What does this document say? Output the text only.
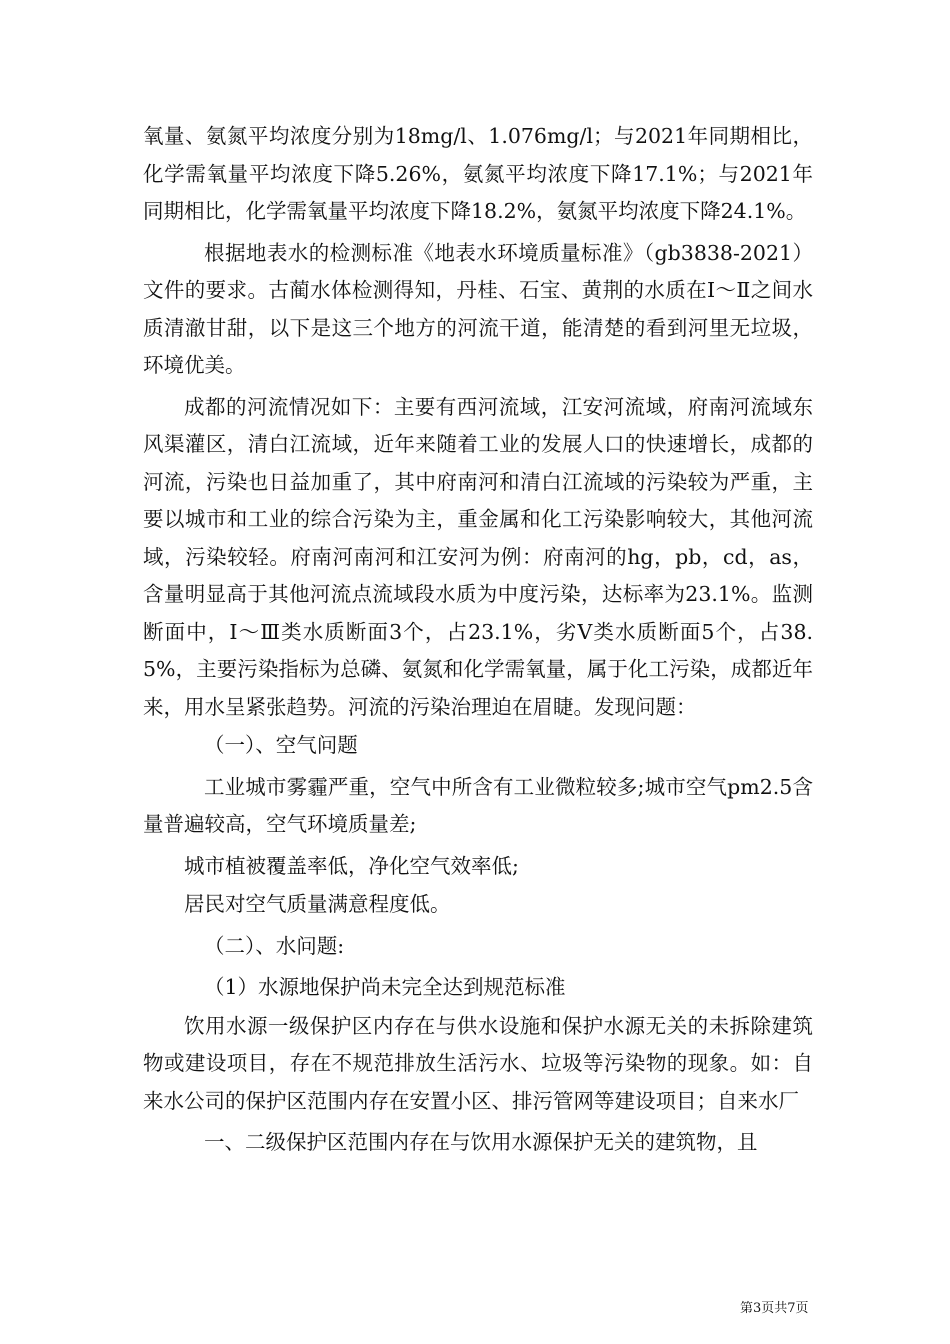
氧量、氨氮平均浓度分别为18mg/l、1.076mg/l；与2021年同期相比，化学需氧量平均浓度下降5.26%，氨氮平均浓度下降17.1%；与2021年同期相比，化学需氧量平均浓度下降18.2%，氨氮平均浓度下降24.1%。

根据地表水的检测标准《地表水环境质量标准》（gb3838-2021）文件的要求。古蔺水体检测得知，丹桂、石宝、黄荆的水质在Ⅰ～Ⅱ之间水质清澈甘甜，以下是这三个地方的河流干道，能清楚的看到河里无垃圾，环境优美。

成都的河流情况如下：主要有西河流域，江安河流域，府南河流域东风渠灌区，清白江流域，近年来随着工业的发展人口的快速增长，成都的河流，污染也日益加重了，其中府南河和清白江流域的污染较为严重，主要以城市和工业的综合污染为主，重金属和化工污染影响较大，其他河流域，污染较轻。府南河南河和江安河为例：府南河的hg，pb，cd，as，含量明显高于其他河流点流域段水质为中度污染，达标率为23.1%。监测断面中，Ⅰ～Ⅲ类水质断面3个，占23.1%，劣Ⅴ类水质断面5个，占38.5%，主要污染指标为总磷、氨氮和化学需氧量，属于化工污染，成都近年来，用水呈紧张趋势。河流的污染治理迫在眉睫。发现问题：

（一）、空气问题

工业城市雾霾严重，空气中所含有工业微粒较多;城市空气pm2.5含量普遍较高，空气环境质量差;

城市植被覆盖率低，净化空气效率低;

居民对空气质量满意程度低。

（二）、水问题:

（1）水源地保护尚未完全达到规范标准

饮用水源一级保护区内存在与供水设施和保护水源无关的未拆除建筑物或建设项目，存在不规范排放生活污水、垃圾等污染物的现象。如：自来水公司的保护区范围内存在安置小区、排污管网等建设项目；自来水厂

一、二级保护区范围内存在与饮用水源保护无关的建筑物，且

第3页共7页
